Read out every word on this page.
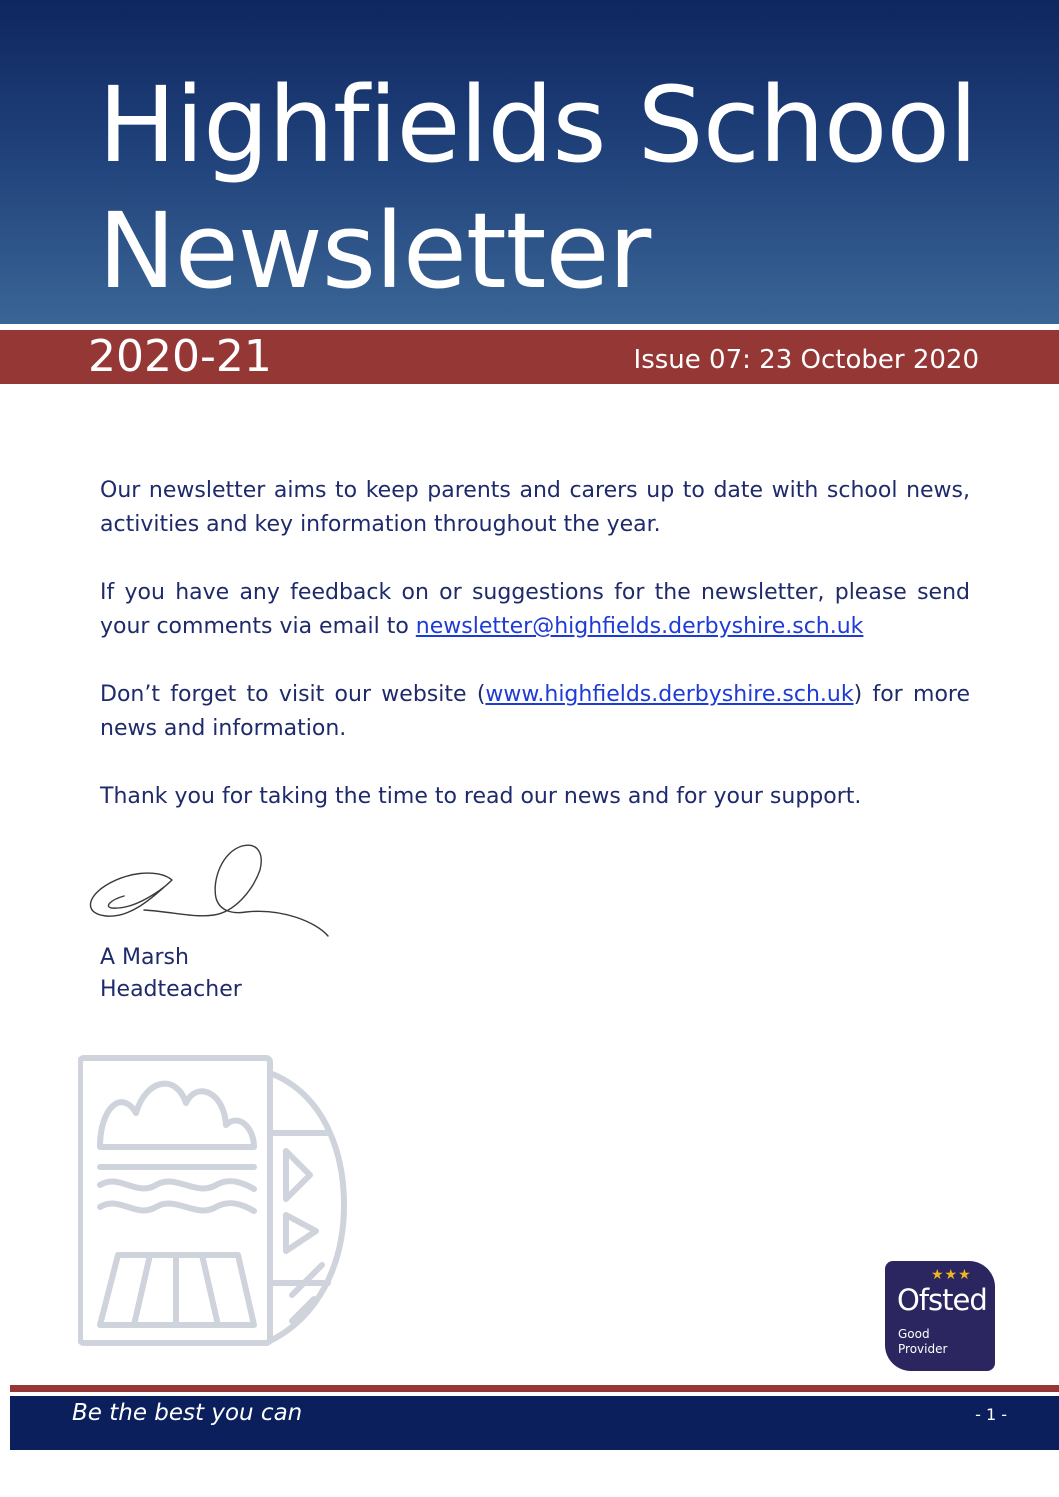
Highfields School
Newsletter
2020-21	Issue 07: 23 October 2020

Our newsletter aims to keep parents and carers up to date with school news, activities and key information throughout the year.

If you have any feedback on or suggestions for the newsletter, please send your comments via email to newsletter@highfields.derbyshire.sch.uk

Don’t forget to visit our website (www.highfields.derbyshire.sch.uk) for more news and information.

Thank you for taking the time to read our news and for your support.

A Marsh
Headteacher
★★★
Ofsted
Good
Provider
Be the best you can	- 1 -
